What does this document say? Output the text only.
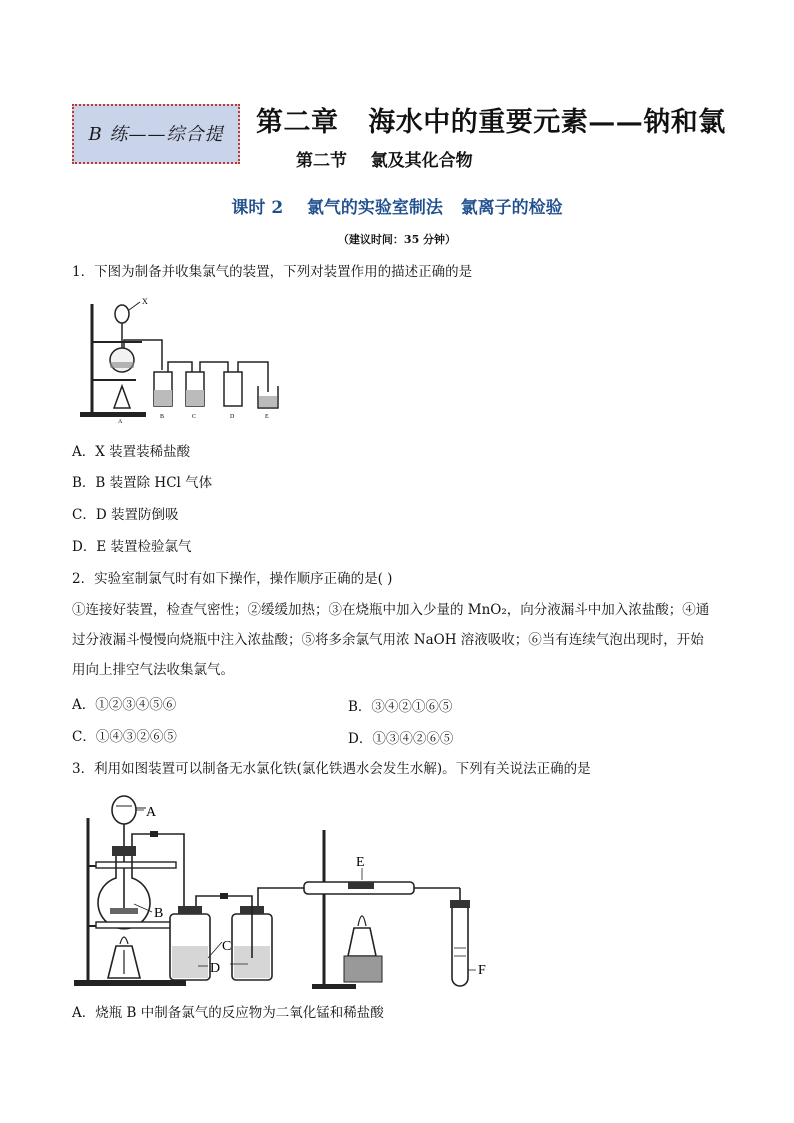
B 练——综合提	第二章   海水中的重要元素——钠和氯
第二节    氯及其化合物
课时 2    氯气的实验室制法   氯离子的检验
（建议时间：35 分钟）
1．下图为制备并收集氯气的装置，下列对装置作用的描述正确的是
X
A
B	C	D	E
A．X 装置装稀盐酸
B．B 装置除 HCl 气体
C．D 装置防倒吸
D．E 装置检验氯气
2．实验室制氯气时有如下操作，操作顺序正确的是( )
①连接好装置，检查气密性；②缓缓加热；③在烧瓶中加入少量的 MnO₂，向分液漏斗中加入浓盐酸；④通
过分液漏斗慢慢向烧瓶中注入浓盐酸；⑤将多余氯气用浓 NaOH 溶液吸收；⑥当有连续气泡出现时，开始
用向上排空气法收集氯气。
A．①②③④⑤⑥	B．③④②①⑥⑤
C．①④③②⑥⑤	D．①③④②⑥⑤
3．利用如图装置可以制备无水氯化铁(氯化铁遇水会发生水解)。下列有关说法正确的是
A
B
C
D
E
F
A．烧瓶 B 中制备氯气的反应物为二氧化锰和稀盐酸
